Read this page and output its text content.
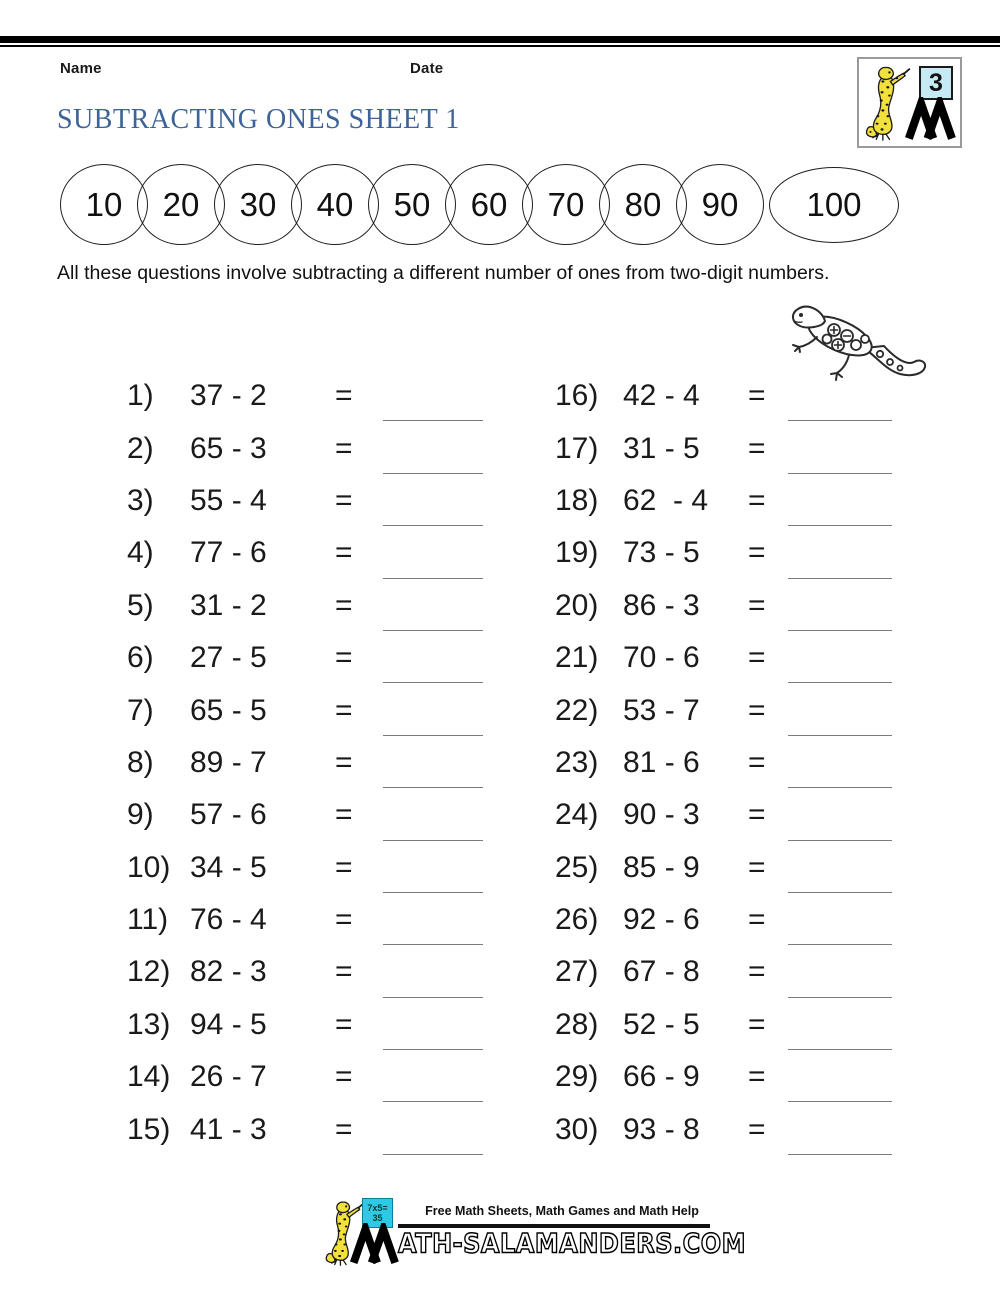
Name	Date	3
SUBTRACTING ONES SHEET 1
10	20	30	40	50	60	70	80	90	100

All these questions involve subtracting a different number of ones from two-digit numbers.

1) 37 - 2 =
2) 65 - 3 =
3) 55 - 4 =
4) 77 - 6 =
5) 31 - 2 =
6) 27 - 5 =
7) 65 - 5 =
8) 89 - 7 =
9) 57 - 6 =
10) 34 - 5 =
11) 76 - 4 =
12) 82 - 3 =
13) 94 - 5 =
14) 26 - 7 =
15) 41 - 3 =
16) 42 - 4 =
17) 31 - 5 =
18) 62  - 4 =
19) 73 - 5 =
20) 86 - 3 =
21) 70 - 6 =
22) 53 - 7 =
23) 81 - 6 =
24) 90 - 3 =
25) 85 - 9 =
26) 92 - 6 =
27) 67 - 8 =
28) 52 - 5 =
29) 66 - 9 =
30) 93 - 8 =
7x5=
35	Free Math Sheets, Math Games and Math Help
ATH-SALAMANDERS.COM
